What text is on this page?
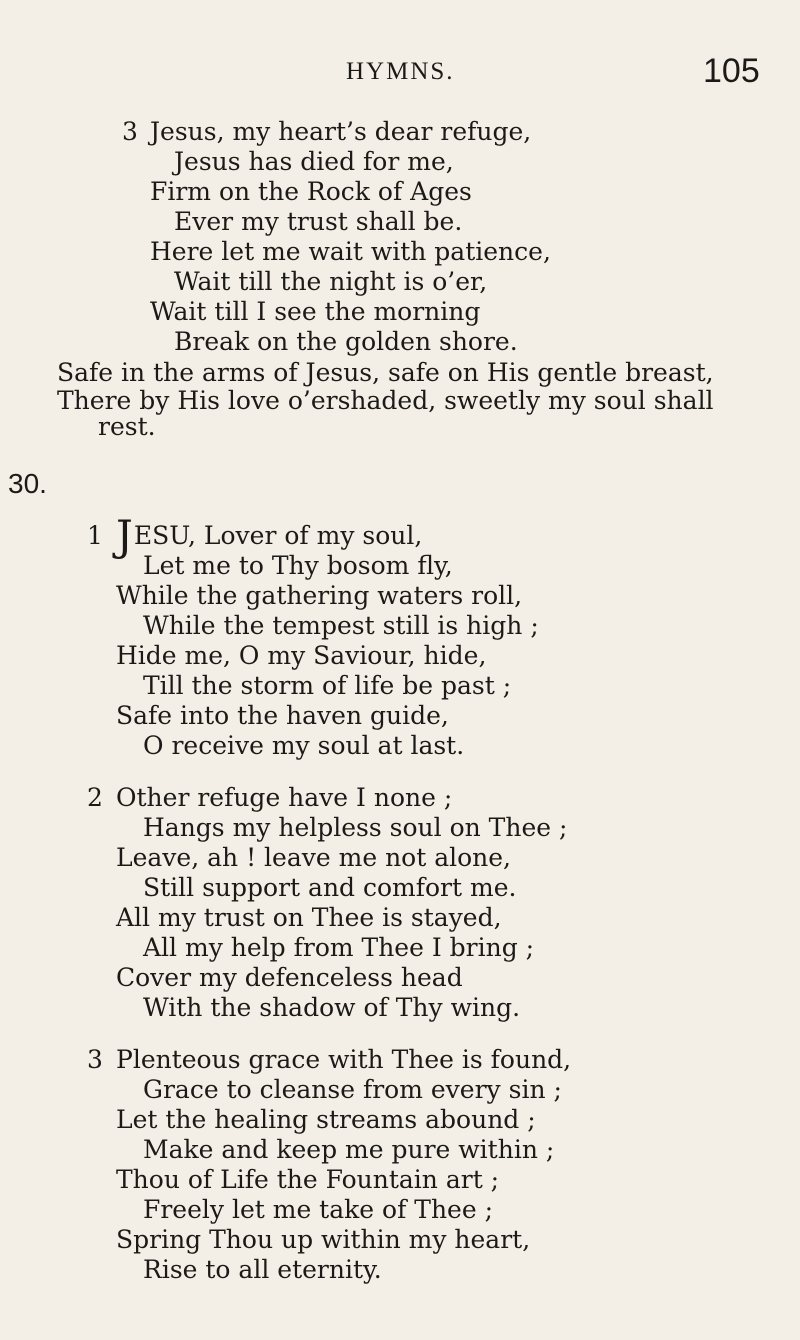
HYMNS.	105
3 Jesus, my heart’s dear refuge,
Jesus has died for me,
Firm on the Rock of Ages
Ever my trust shall be.
Here let me wait with patience,
Wait till the night is o’er,
Wait till I see the morning
Break on the golden shore.
Safe in the arms of Jesus, safe on His gentle breast,
There by His love o’ershaded, sweetly my soul shall
rest.
30.
1 JESU, Lover of my soul,
Let me to Thy bosom fly,
While the gathering waters roll,
While the tempest still is high ;
Hide me, O my Saviour, hide,
Till the storm of life be past ;
Safe into the haven guide,
O receive my soul at last.
2 Other refuge have I none ;
Hangs my helpless soul on Thee ;
Leave, ah ! leave me not alone,
Still support and comfort me.
All my trust on Thee is stayed,
All my help from Thee I bring ;
Cover my defenceless head
With the shadow of Thy wing.
3 Plenteous grace with Thee is found,
Grace to cleanse from every sin ;
Let the healing streams abound ;
Make and keep me pure within ;
Thou of Life the Fountain art ;
Freely let me take of Thee ;
Spring Thou up within my heart,
Rise to all eternity.
